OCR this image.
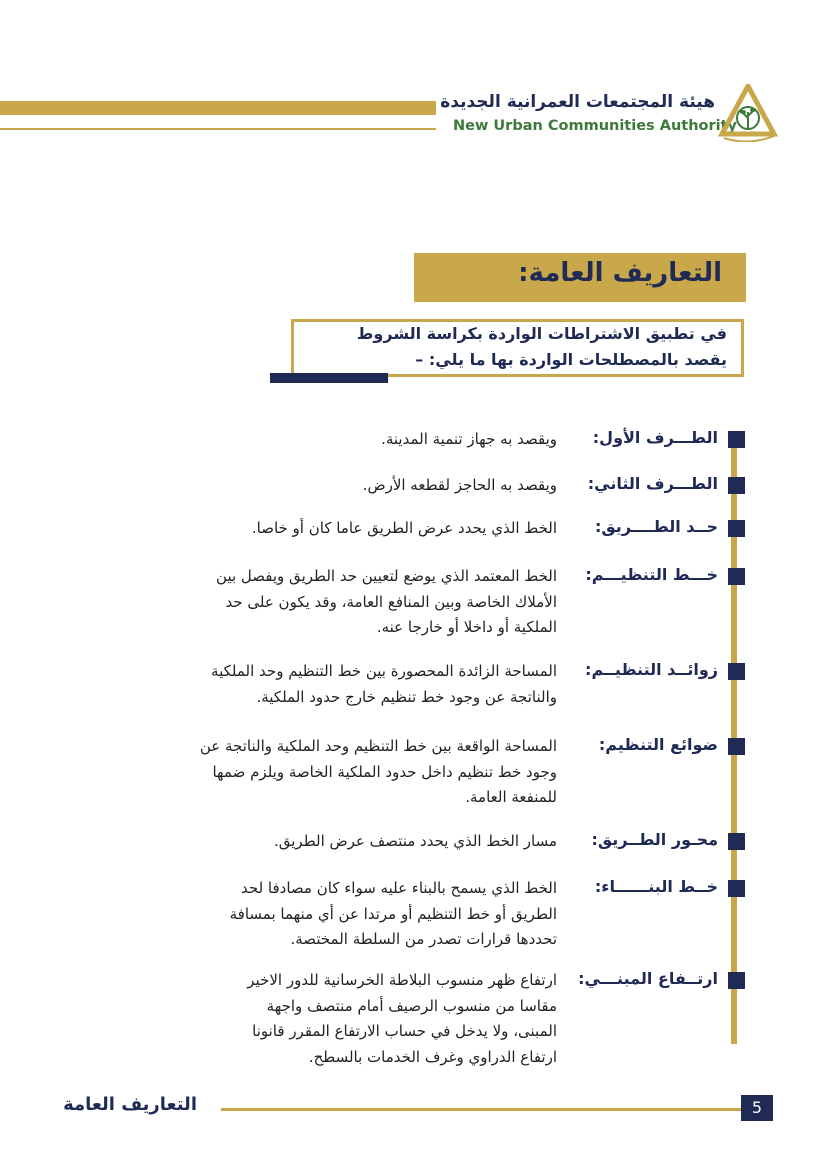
هيئة المجتمعات العمرانية الجديدة
New Urban Communities Authority
التعاريف العامة:
في تطبيق الاشتراطات الواردة بكراسة الشروط
يقصد بالمصطلحات الواردة بها ما يلي: –
الطـــرف الأول:
ويقصد به جهاز تنمية المدينة.
الطـــرف الثاني:
ويقصد به الحاجز لقطعه الأرض.
حــد الطــــريق:
الخط الذي يحدد عرض الطريق عاما كان أو خاصا.
خـــط التنظيـــم:
الخط المعتمد الذي يوضع لتعيين حد الطريق ويفصل بين
الأملاك الخاصة وبين المنافع العامة، وقد يكون على حد
الملكية أو داخلا أو خارجا عنه.
زوائــد التنظيــم:
المساحة الزائدة المحصورة بين خط التنظيم وحد الملكية
والناتجة عن وجود خط تنظيم خارج حدود الملكية.
ضوائع التنظيم:
المساحة الواقعة بين خط التنظيم وحد الملكية والناتجة عن
وجود خط تنظيم داخل حدود الملكية الخاصة ويلزم ضمها
للمنفعة العامة.
محـور الطــريق:
مسار الخط الذي يحدد منتصف عرض الطريق.
خــط البنــــــاء:
الخط الذي يسمح بالبناء عليه سواء كان مصادفا لحد
الطريق أو خط التنظيم أو مرتدا عن أي منهما بمسافة
تحددها قرارات تصدر من السلطة المختصة.
ارتــفاع المبنـــي:
ارتفاع ظهر منسوب البلاطة الخرسانية للدور الاخير
مقاسا من منسوب الرصيف أمام منتصف واجهة
المبنى، ولا يدخل في حساب الارتفاع المقرر قانونا
ارتفاع الدراوي وغرف الخدمات بالسطح.
5
التعاريف العامة
